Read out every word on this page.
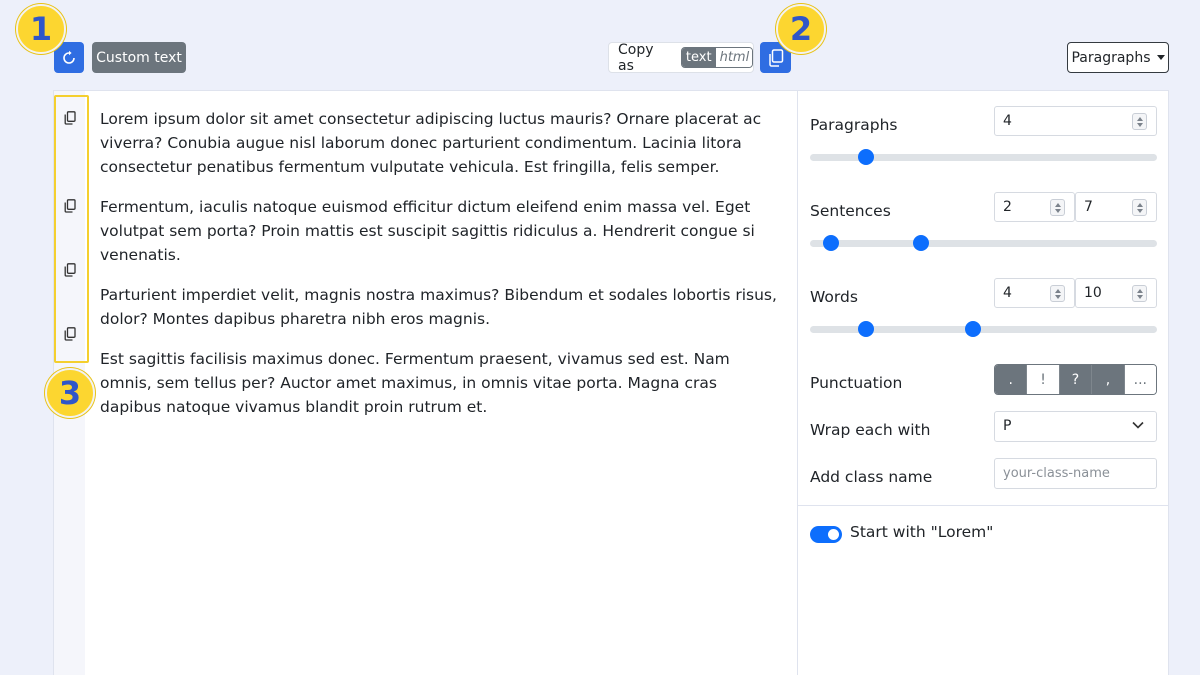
Custom text	Copy as	text html	Paragraphs

Lorem ipsum dolor sit amet consectetur adipiscing luctus mauris? Ornare placerat ac viverra? Conubia augue nisl laborum donec parturient condimentum. Lacinia litora consectetur penatibus fermentum vulputate vehicula. Est fringilla, felis semper.

Fermentum, iaculis natoque euismod efficitur dictum eleifend enim massa vel. Eget volutpat sem porta? Proin mattis est suscipit sagittis ridiculus a. Hendrerit congue si venenatis.

Parturient imperdiet velit, magnis nostra maximus? Bibendum et sodales lobortis risus, dolor? Montes dapibus pharetra nibh eros magnis.

Est sagittis facilisis maximus donec. Fermentum praesent, vivamus sed est. Nam omnis, sem tellus per? Auctor amet maximus, in omnis vitae porta. Magna cras dapibus natoque vivamus blandit proin rutrum et.

Paragraphs	4
Sentences	2	7
Words	4	10
Punctuation	.	!	?	,	...
Wrap each with	P
Add class name	your-class-name
Start with "Lorem"
1	2
3
